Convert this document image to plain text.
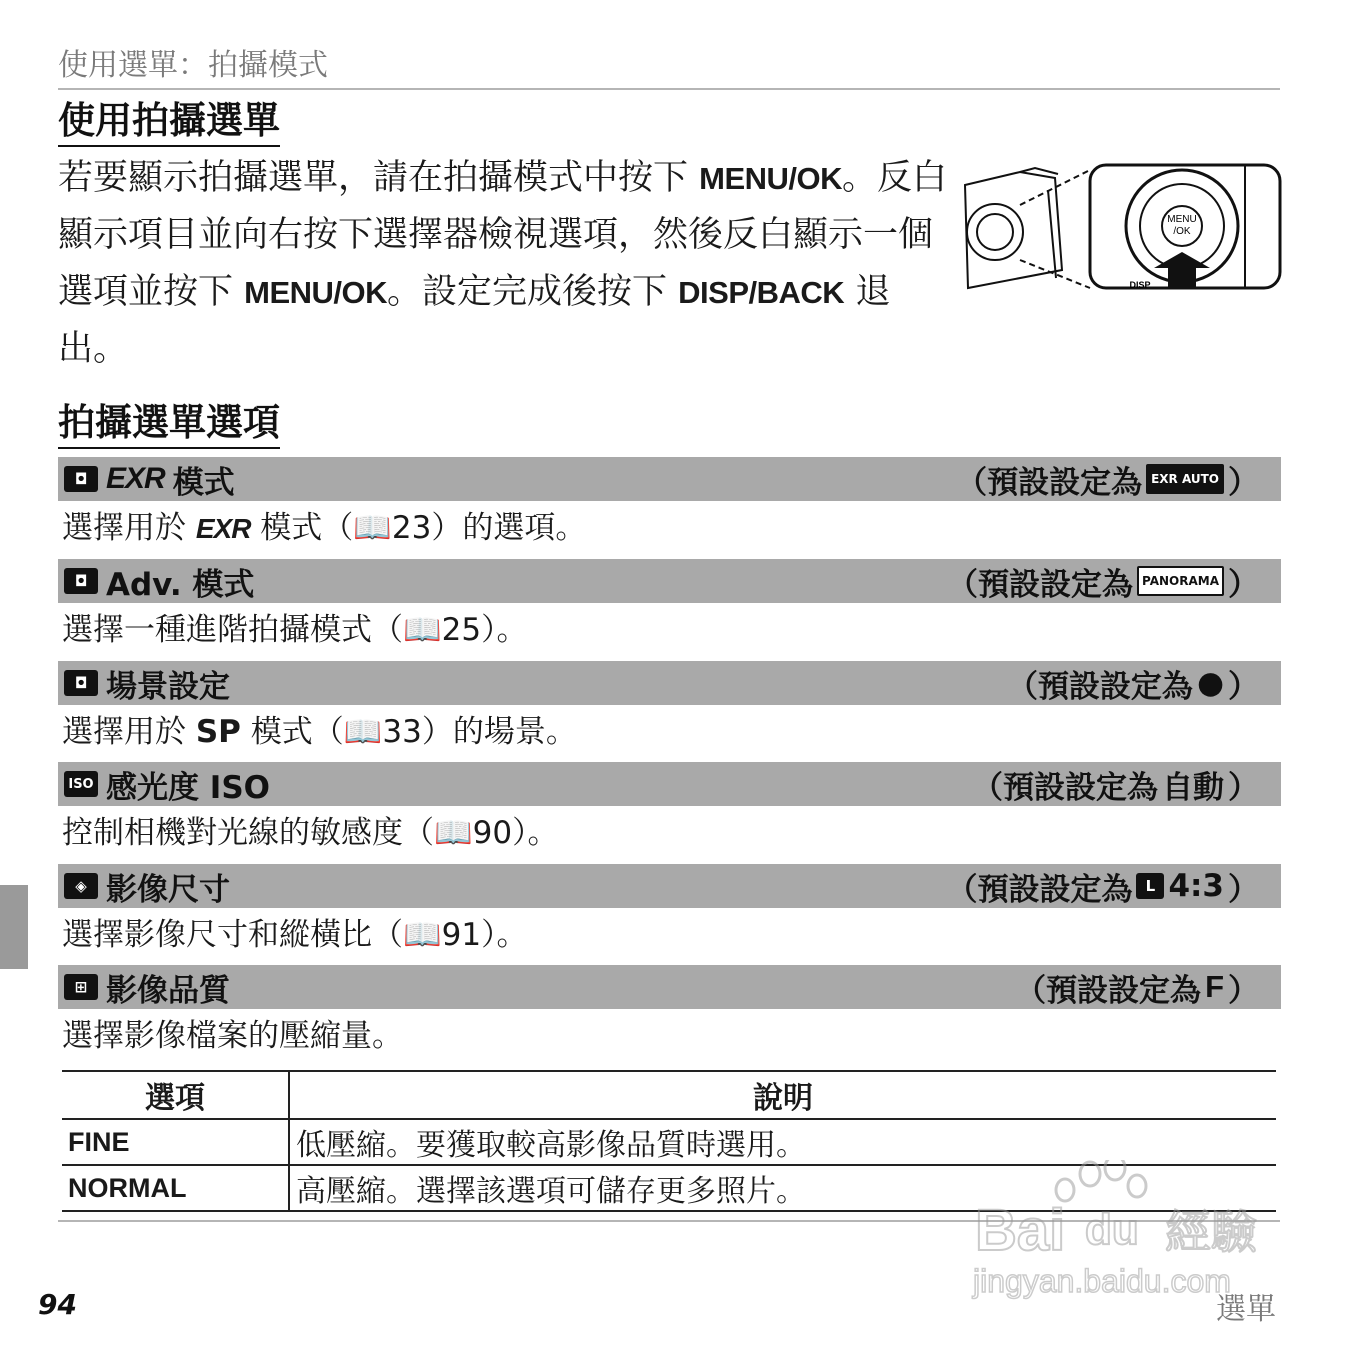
使用選單：拍攝模式
使用拍攝選單
若要顯示拍攝選單，請在拍攝模式中按下 MENU/OK。反白顯示項目並向右按下選擇器檢視選項，然後反白顯示一個選項並按下 MENU/OK。設定完成後按下 DISP/BACK 退出。
MENU
/OK
DISP
拍攝選單選項
◘ EXR 模式	（預設設定為 EXR AUTO ）
選擇用於 EXR 模式（📖23）的選項。
◘ Adv. 模式	（預設設定為 PANORAMA ）
選擇一種進階拍攝模式（📖25）。
◘ 場景設定	（預設設定為 ● ）
選擇用於 SP 模式（📖33）的場景。
ISO 感光度 ISO	（預設設定為 自動 ）
控制相機對光線的敏感度（📖90）。
◈ 影像尺寸	（預設設定為 L 4:3 ）
選擇影像尺寸和縱橫比（📖91）。
⊞ 影像品質	（預設設定為 F ）
選擇影像檔案的壓縮量。
選項	說明
FINE	低壓縮。要獲取較高影像品質時選用。
NORMAL	高壓縮。選擇該選項可儲存更多照片。
94	選單
Bai du 經驗
jingyan.baidu.com
